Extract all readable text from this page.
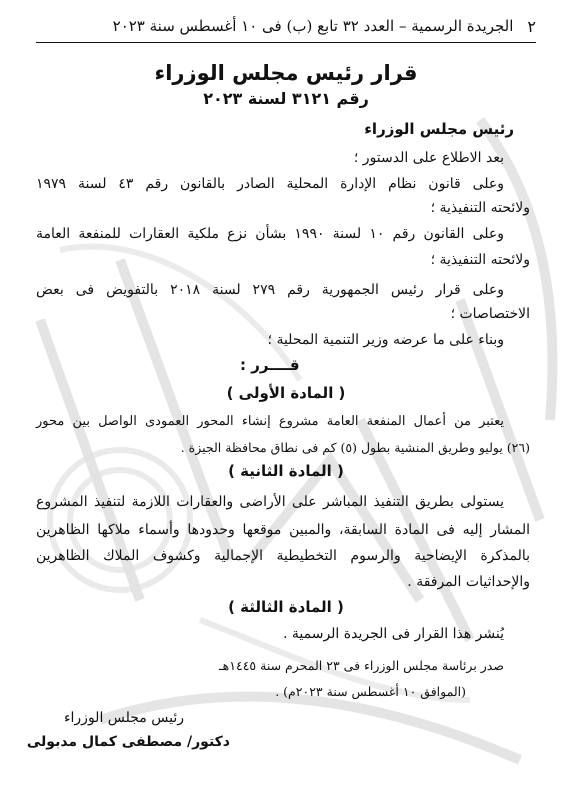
٢
الجريدة الرسمية – العدد ٣٢ تابع (ب) فى ١٠ أغسطس سنة ٢٠٢٣
قرار رئيس مجلس الوزراء
رقم ٣١٢١ لسنة ٢٠٢٣
رئيس مجلس الوزراء
بعد الاطلاع على الدستور ؛
وعلى قانون نظام الإدارة المحلية الصادر بالقانون رقم ٤٣ لسنة ١٩٧٩
ولائحته التنفيذية ؛
وعلى القانون رقم ١٠ لسنة ١٩٩٠ بشأن نزع ملكية العقارات للمنفعة العامة
ولائحته التنفيذية ؛
وعلى قرار رئيس الجمهورية رقم ٢٧٩ لسنة ٢٠١٨ بالتفويض فى بعض
الاختصاصات ؛
وبناء على ما عرضه وزير التنمية المحلية ؛
قــــرر :
( المادة الأولى )
يعتبر من أعمال المنفعة العامة مشروع إنشاء المحور العمودى الواصل بين محور
(٢٦) يوليو وطريق المنشية بطول (٥) كم فى نطاق محافظة الجيزة .
( المادة الثانية )
يستولى بطريق التنفيذ المباشر على الأراضى والعقارات اللازمة لتنفيذ المشروع
المشار إليه فى المادة السابقة، والمبين موقعها وحدودها وأسماء ملاكها الظاهرين
بالمذكرة الإيضاحية والرسوم التخطيطية الإجمالية وكشوف الملاك الظاهرين
والإحداثيات المرفقة .
( المادة الثالثة )
يُنشر هذا القرار فى الجريدة الرسمية .
صدر برئاسة مجلس الوزراء فى ٢٣ المحرم سنة ١٤٤٥هـ
(الموافق ١٠ أغسطس سنة ٢٠٢٣م) .
رئيس مجلس الوزراء
دكتور/ مصطفى كمال مدبولى
